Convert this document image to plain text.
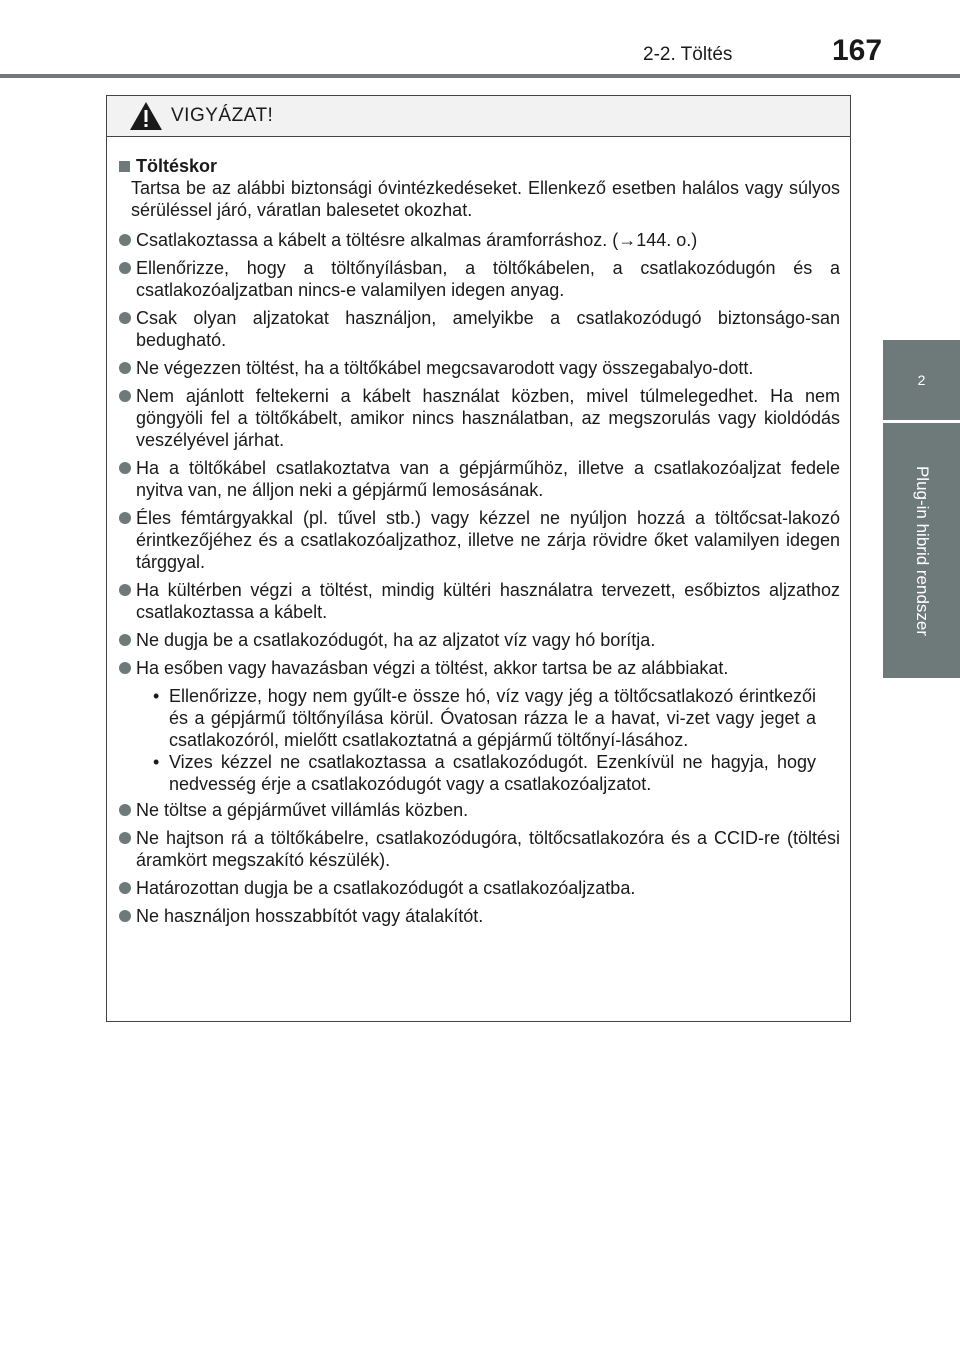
2-2. Töltés	167
2
Plug-in hibrid rendszer
VIGYÁZAT!
Töltéskor
Tartsa be az alábbi biztonsági óvintézkedéseket. Ellenkező esetben halálos vagy súlyos sérüléssel járó, váratlan balesetet okozhat.
Csatlakoztassa a kábelt a töltésre alkalmas áramforráshoz. (→144. o.)
Ellenőrizze, hogy a töltőnyílásban, a töltőkábelen, a csatlakozódugón és a csatlakozóaljzatban nincs-e valamilyen idegen anyag.
Csak olyan aljzatokat használjon, amelyikbe a csatlakozódugó biztonságo-san bedugható.
Ne végezzen töltést, ha a töltőkábel megcsavarodott vagy összegabalyo-dott.
Nem ajánlott feltekerni a kábelt használat közben, mivel túlmelegedhet. Ha nem göngyöli fel a töltőkábelt, amikor nincs használatban, az megszorulás vagy kioldódás veszélyével járhat.
Ha a töltőkábel csatlakoztatva van a gépjárműhöz, illetve a csatlakozóaljzat fedele nyitva van, ne álljon neki a gépjármű lemosásának.
Éles fémtárgyakkal (pl. tűvel stb.) vagy kézzel ne nyúljon hozzá a töltőcsat-lakozó érintkezőjéhez és a csatlakozóaljzathoz, illetve ne zárja rövidre őket valamilyen idegen tárggyal.
Ha kültérben végzi a töltést, mindig kültéri használatra tervezett, esőbiztos aljzathoz csatlakoztassa a kábelt.
Ne dugja be a csatlakozódugót, ha az aljzatot víz vagy hó borítja.
Ha esőben vagy havazásban végzi a töltést, akkor tartsa be az alábbiakat.
• Ellenőrizze, hogy nem gyűlt-e össze hó, víz vagy jég a töltőcsatlakozó érintkezői és a gépjármű töltőnyílása körül. Óvatosan rázza le a havat, vi-zet vagy jeget a csatlakozóról, mielőtt csatlakoztatná a gépjármű töltőnyí-lásához.
• Vizes kézzel ne csatlakoztassa a csatlakozódugót. Ezenkívül ne hagyja, hogy nedvesség érje a csatlakozódugót vagy a csatlakozóaljzatot.
Ne töltse a gépjárművet villámlás közben.
Ne hajtson rá a töltőkábelre, csatlakozódugóra, töltőcsatlakozóra és a CCID-re (töltési áramkört megszakító készülék).
Határozottan dugja be a csatlakozódugót a csatlakozóaljzatba.
Ne használjon hosszabbítót vagy átalakítót.
